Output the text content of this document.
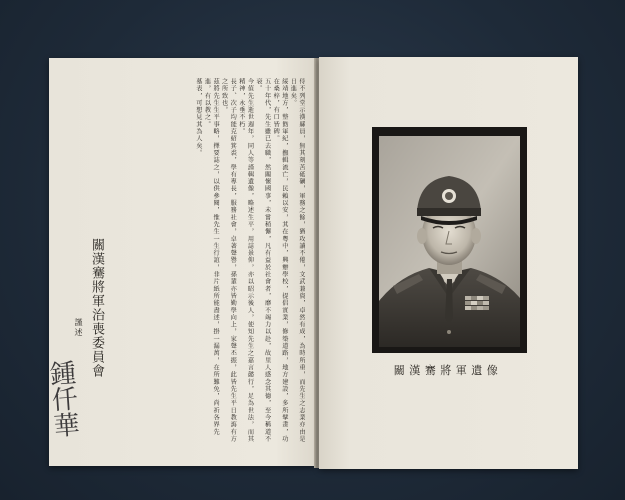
侍不列堂示漢縣員，無其刻苦砥礪，軍務之餘，猶攻讀不倦，文武兼資，卓然有成，為時所重，而先生之志業亦由是日進矣。
綏靖地方，整飭軍紀，撫輯流亡，民賴以安，其在粵中，興辦學校，提倡實業，修築道路，地方建設，多所擘畫，功在桑梓，有口皆碑。
五十年代，先生雖已去職，然關懷國事，未嘗稍懈，凡有益於社會者，靡不竭力以赴，故里人感念其德，至今稱道不衰。
今值先生逝世週年，同人等謹輯遺像，略述生平，用誌景仰，亦以昭示後人，使知先生之嘉言懿行，足為世法，而其精神，永垂不朽。
長子、次子均能克紹箕裘，學有專長，服務社會，卓著聲譽，孫輩亦皆勤學向上，家聲丕振，此皆先生平日教誨有方之所致也。
茲將先生生平事略，擇要誌之，以供參閱，惟先生一生行誼，非片紙所能盡述，掛一漏萬，在所難免，尚祈各界先進，有以教之。
墓表，可想見其為人矣。
關漢騫將軍治喪委員會
謹述
鍾仟華	關漢騫將軍遺像
